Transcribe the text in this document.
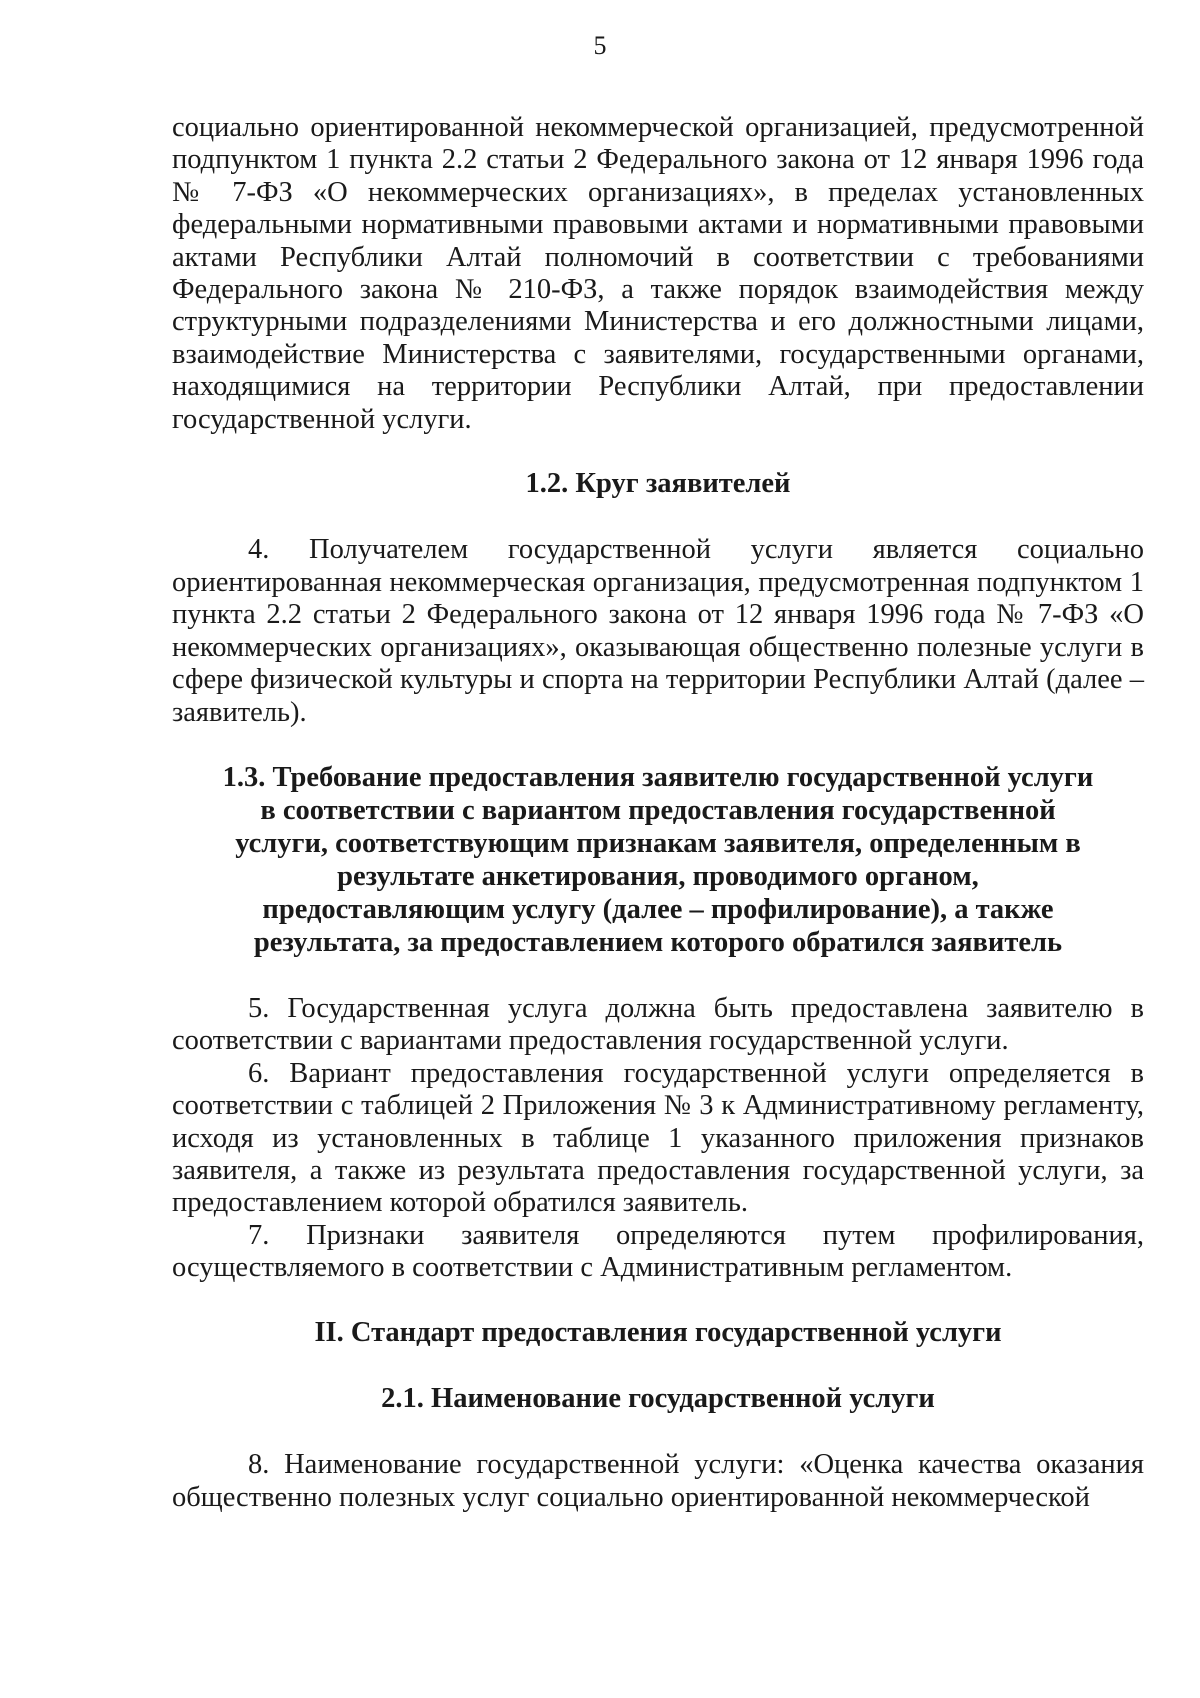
5

социально ориентированной некоммерческой организацией, предусмотренной подпунктом 1 пункта 2.2 статьи 2 Федерального закона от 12 января 1996 года № 7-ФЗ «О некоммерческих организациях», в пределах установленных федеральными нормативными правовыми актами и нормативными правовыми актами Республики Алтай полномочий в соответствии с требованиями Федерального закона № 210-ФЗ, а также порядок взаимодействия между структурными подразделениями Министерства и его должностными лицами, взаимодействие Министерства с заявителями, государственными органами, находящимися на территории Республики Алтай, при предоставлении государственной услуги.

1.2. Круг заявителей

4. Получателем государственной услуги является социально ориентированная некоммерческая организация, предусмотренная подпунктом 1 пункта 2.2 статьи 2 Федерального закона от 12 января 1996 года № 7-ФЗ «О некоммерческих организациях», оказывающая общественно полезные услуги в сфере физической культуры и спорта на территории Республики Алтай (далее – заявитель).

1.3. Требование предоставления заявителю государственной услуги в соответствии с вариантом предоставления государственной услуги, соответствующим признакам заявителя, определенным в результате анкетирования, проводимого органом, предоставляющим услугу (далее – профилирование), а также результата, за предоставлением которого обратился заявитель

5. Государственная услуга должна быть предоставлена заявителю в соответствии с вариантами предоставления государственной услуги.

6. Вариант предоставления государственной услуги определяется в соответствии с таблицей 2 Приложения № 3 к Административному регламенту, исходя из установленных в таблице 1 указанного приложения признаков заявителя, а также из результата предоставления государственной услуги, за предоставлением которой обратился заявитель.

7. Признаки заявителя определяются путем профилирования, осуществляемого в соответствии с Административным регламентом.

II. Стандарт предоставления государственной услуги

2.1. Наименование государственной услуги

8. Наименование государственной услуги: «Оценка качества оказания общественно полезных услуг социально ориентированной некоммерческой
